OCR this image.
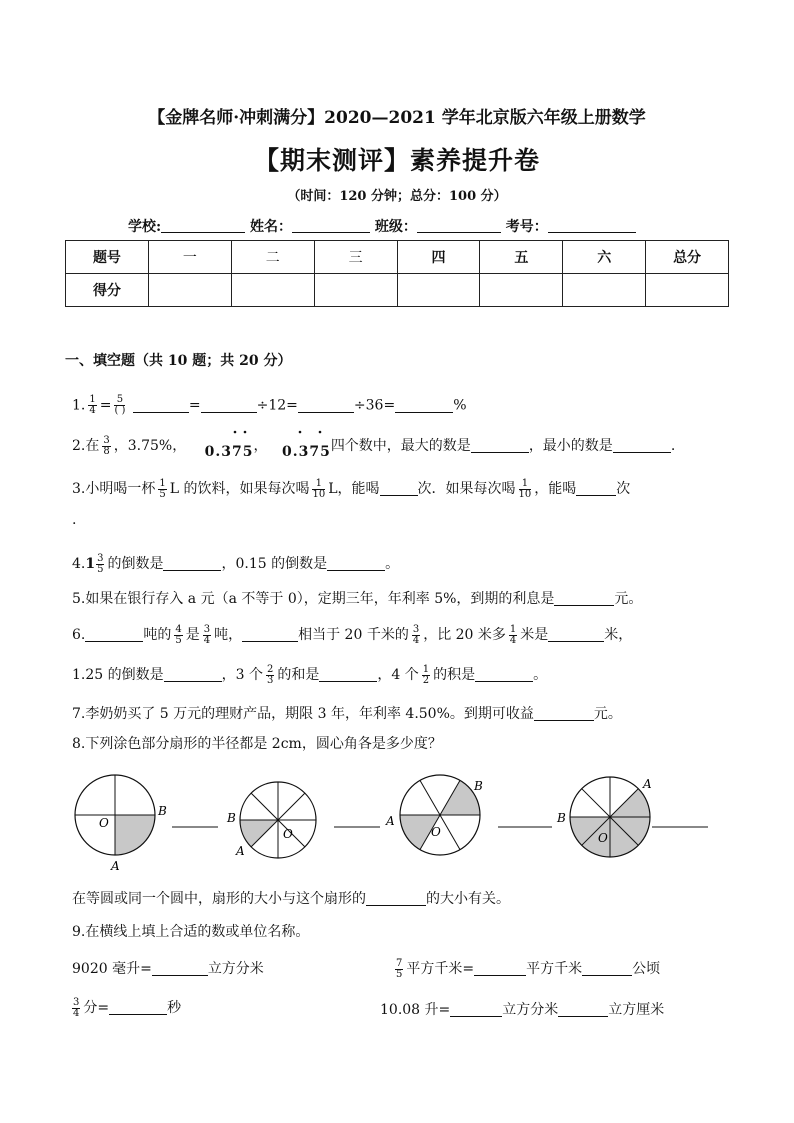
【金牌名师·冲刺满分】2020—2021 学年北京版六年级上册数学
【期末测评】素养提升卷
（时间：120 分钟；总分：100 分）
学校:	姓名：	班级：	考号：
题号	一	二	三	四	五	六	总分
得分							
一、填空题（共 10 题；共 20 分）
1. $\frac{1}{4} = \frac{5}{( )}$	=	÷12=	÷36=	%
2.在 $\frac{3}{8}$ ，3.75%， 0.375， 0.375四个数中，最大的数是	，最小的数是	.
3.小明喝一杯 $\frac{1}{5}$ L 的饮料，如果每次喝 $\frac{1}{10}$ L，能喝	次．如果每次喝 $\frac{1}{10}$ ，能喝	次
.
$4.1 \frac{3}{5}$ 的倒数是	，0.15 的倒数是	。
5.如果在银行存入 a 元（a 不等于 0），定期三年，年利率 5%，到期的利息是	元。
6.	吨的 $\frac{4}{5}$ 是 $\frac{3}{4}$ 吨，	相当于 20 千米的 $\frac{3}{4}$ ，比 20 米多 $\frac{1}{4}$ 米是	米，
1.25 的倒数是	，3 个 $\frac{2}{3}$ 的和是	，4 个 $\frac{1}{2}$ 的积是	。
7.李奶奶买了 5 万元的理财产品，期限 3 年，年利率 4.50%。到期可收益	元。
8.下列涂色部分扇形的半径都是 2cm，圆心角各是多少度？
O
B
A
O
B
A
O
A
B
O
B
A
在等圆或同一个圆中，扇形的大小与这个扇形的	的大小有关。
9.在横线上填上合适的数或单位名称。
9020 毫升=	立方分米	$\frac{7}{5}$ 平方千米=	平方千米	公顷
$\frac{3}{4}$ 分=	秒	10.08 升=	立方分米	立方厘米
